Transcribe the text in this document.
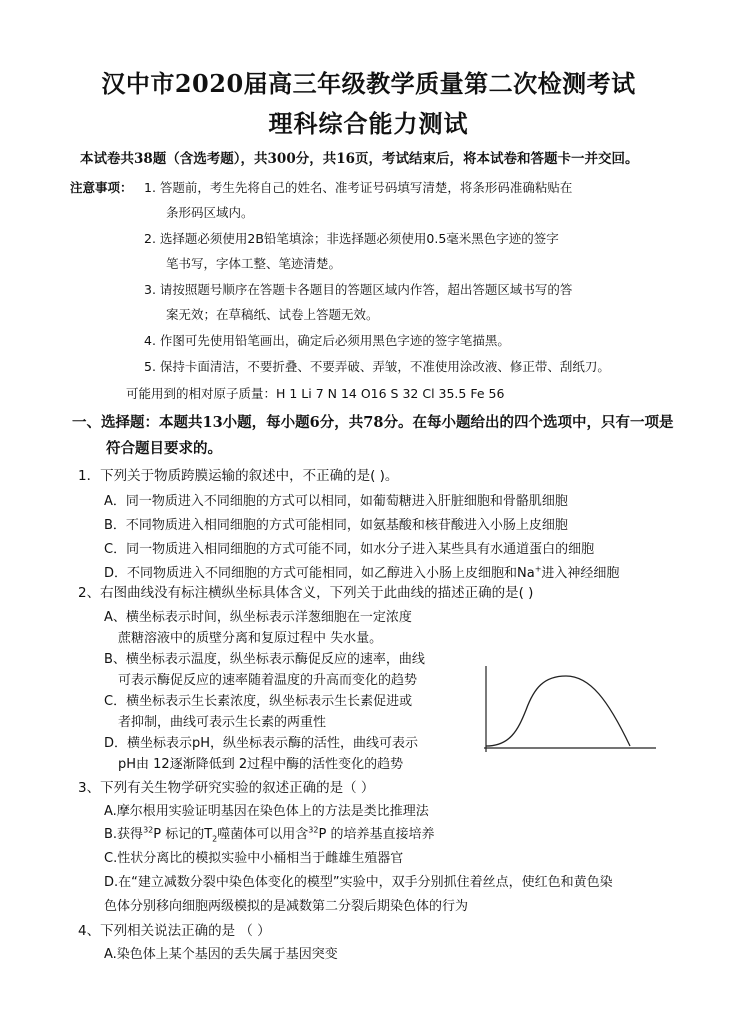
汉中市2020届高三年级教学质量第二次检测考试
理科综合能力测试
本试卷共38题（含选考题），共300分，共16页，考试结束后，将本试卷和答题卡一并交回。
注意事项： 1. 答题前，考生先将自己的姓名、准考证号码填写清楚，将条形码准确粘贴在
条形码区域内。
2. 选择题必须使用2B铅笔填涂；非选择题必须使用0.5毫米黑色字迹的签字
笔书写，字体工整、笔迹清楚。
3. 请按照题号顺序在答题卡各题目的答题区域内作答，超出答题区域书写的答
案无效；在草稿纸、试卷上答题无效。
4. 作图可先使用铅笔画出，确定后必须用黑色字迹的签字笔描黑。
5. 保持卡面清洁，不要折叠、不要弄破、弄皱，不准使用涂改液、修正带、刮纸刀。
可能用到的相对原子质量：H 1 Li 7 N 14 O16 S 32 Cl 35.5 Fe 56
一、选择题：本题共13小题，每小题6分，共78分。在每小题给出的四个选项中，只有一项是
符合题目要求的。
1．下列关于物质跨膜运输的叙述中，不正确的是( )。
A．同一物质进入不同细胞的方式可以相同，如葡萄糖进入肝脏细胞和骨骼肌细胞
B．不同物质进入相同细胞的方式可能相同，如氨基酸和核苷酸进入小肠上皮细胞
C．同一物质进入相同细胞的方式可能不同，如水分子进入某些具有水通道蛋白的细胞
D．不同物质进入不同细胞的方式可能相同，如乙醇进入小肠上皮细胞和Na+进入神经细胞
2、右图曲线没有标注横纵坐标具体含义，下列关于此曲线的描述正确的是( )
A、横坐标表示时间，纵坐标表示洋葱细胞在一定浓度
蔗糖溶液中的质壁分离和复原过程中 失水量。
B、横坐标表示温度，纵坐标表示酶促反应的速率，曲线
可表示酶促反应的速率随着温度的升高而变化的趋势
C．横坐标表示生长素浓度，纵坐标表示生长素促进或
者抑制，曲线可表示生长素的两重性
D．横坐标表示pH，纵坐标表示酶的活性，曲线可表示
pH由 12逐渐降低到 2过程中酶的活性变化的趋势
3、下列有关生物学研究实验的叙述正确的是（ ）
A.摩尔根用实验证明基因在染色体上的方法是类比推理法
B.获得$^{32}$P 标记的$T_2$噬菌体可以用含$^{32}$P 的培养基直接培养
C.性状分离比的模拟实验中小桶相当于雌雄生殖器官
D.在“建立减数分裂中染色体变化的模型”实验中，双手分别抓住着丝点，使红色和黄色染
色体分别移向细胞两级模拟的是减数第二分裂后期染色体的行为
4、下列相关说法正确的是 （ ）
A.染色体上某个基因的丢失属于基因突变
